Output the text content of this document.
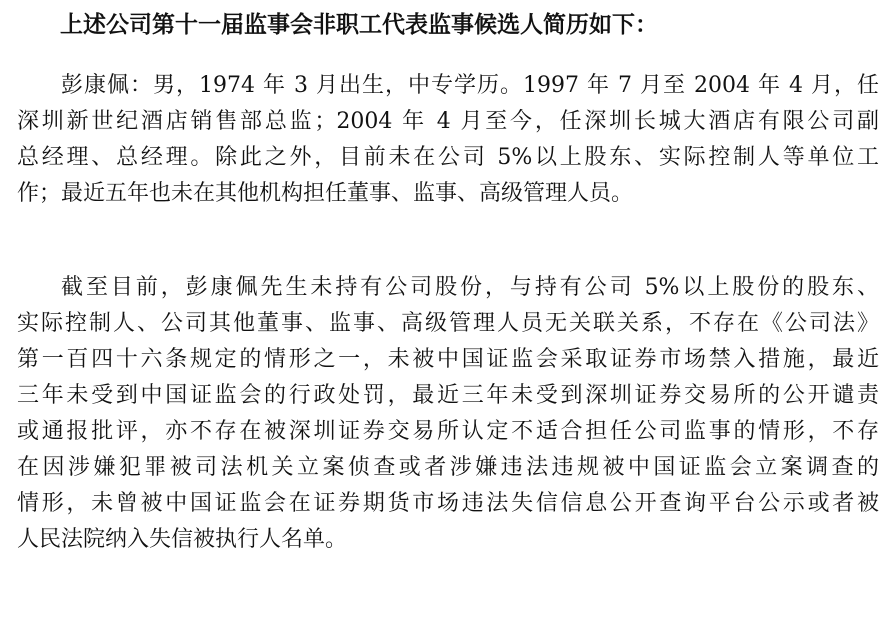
上述公司第十一届监事会非职工代表监事候选人简历如下：
彭康佩：男，1974 年 3 月出生，中专学历。1997 年 7 月至 2004 年 4 月，任
深圳新世纪酒店销售部总监；2004 年 4 月至今，任深圳长城大酒店有限公司副
总经理、总经理。除此之外，目前未在公司 5%以上股东、实际控制人等单位工
作；最近五年也未在其他机构担任董事、监事、高级管理人员。
截至目前，彭康佩先生未持有公司股份，与持有公司 5%以上股份的股东、
实际控制人、公司其他董事、监事、高级管理人员无关联关系，不存在《公司法》
第一百四十六条规定的情形之一，未被中国证监会采取证券市场禁入措施，最近
三年未受到中国证监会的行政处罚，最近三年未受到深圳证券交易所的公开谴责
或通报批评，亦不存在被深圳证券交易所认定不适合担任公司监事的情形，不存
在因涉嫌犯罪被司法机关立案侦查或者涉嫌违法违规被中国证监会立案调查的
情形，未曾被中国证监会在证券期货市场违法失信信息公开查询平台公示或者被
人民法院纳入失信被执行人名单。
